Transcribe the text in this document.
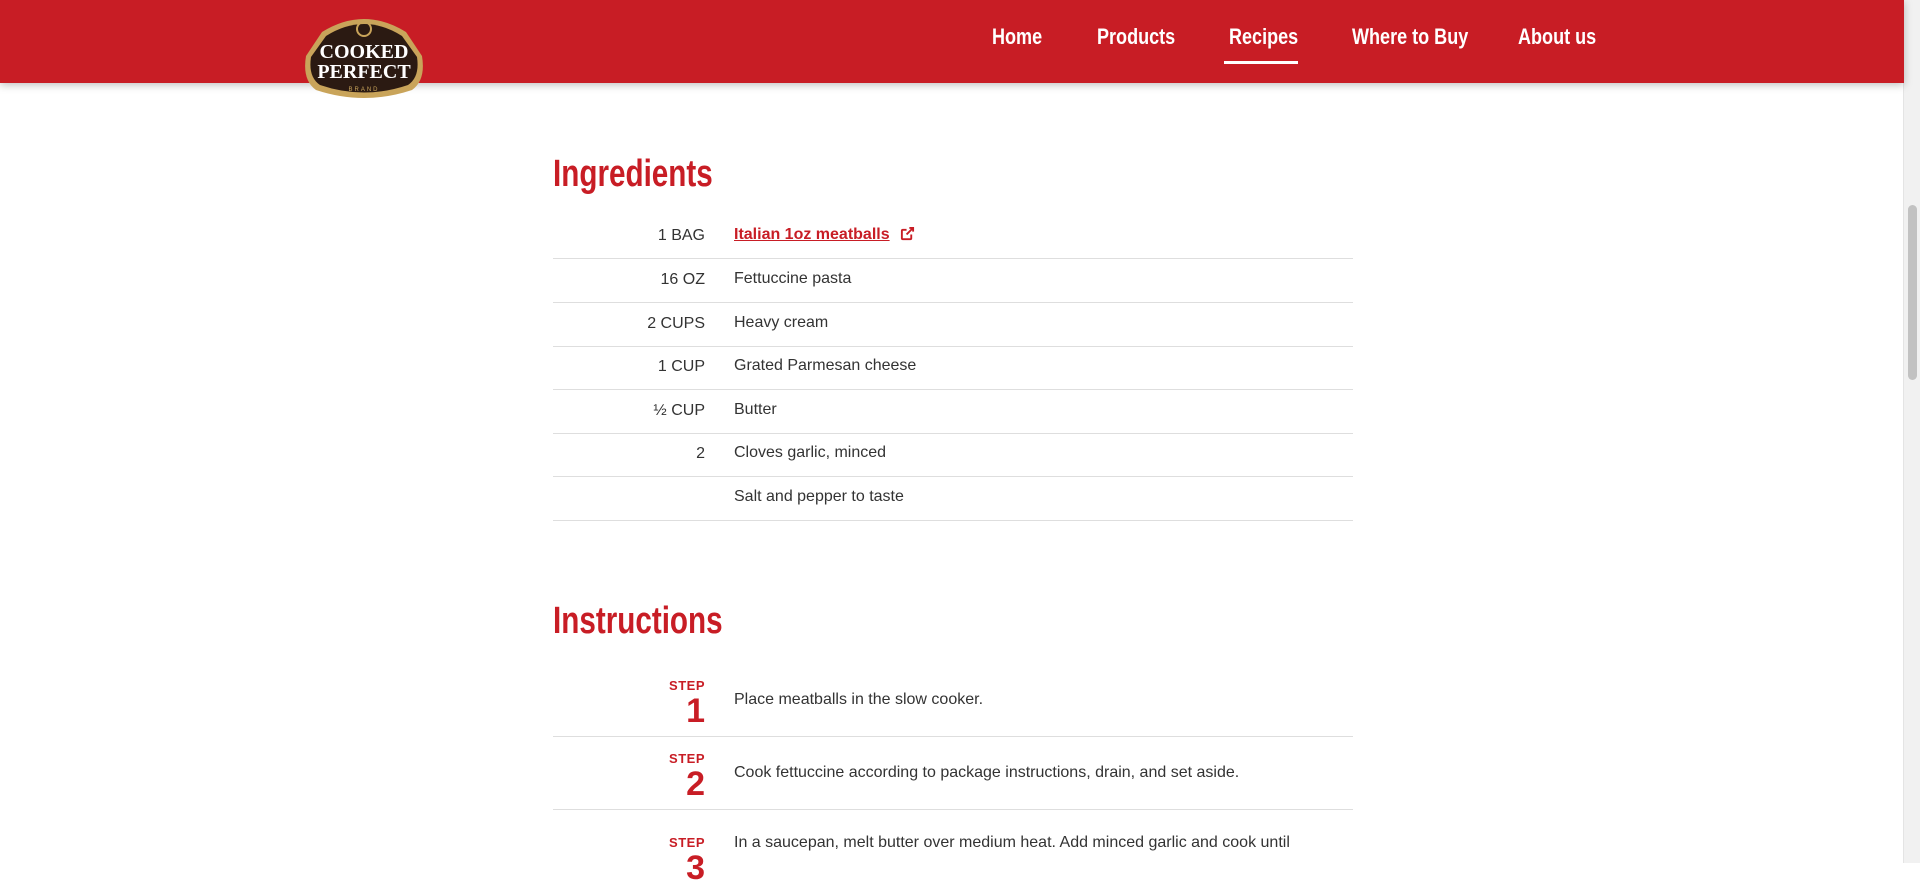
Home Products Recipes Where to Buy About us
COOKED
PERFECT
BRAND
Ingredients
1 BAG Italian 1oz meatballs
16 OZ Fettuccine pasta
2 CUPS Heavy cream
1 CUP Grated Parmesan cheese
½ CUP Butter
2 Cloves garlic, minced
Salt and pepper to taste
Instructions
STEP
1 Place meatballs in the slow cooker.
STEP
2 Cook fettuccine according to package instructions, drain, and set aside.
STEP
3
In a saucepan, melt butter over medium heat. Add minced garlic and cook until
